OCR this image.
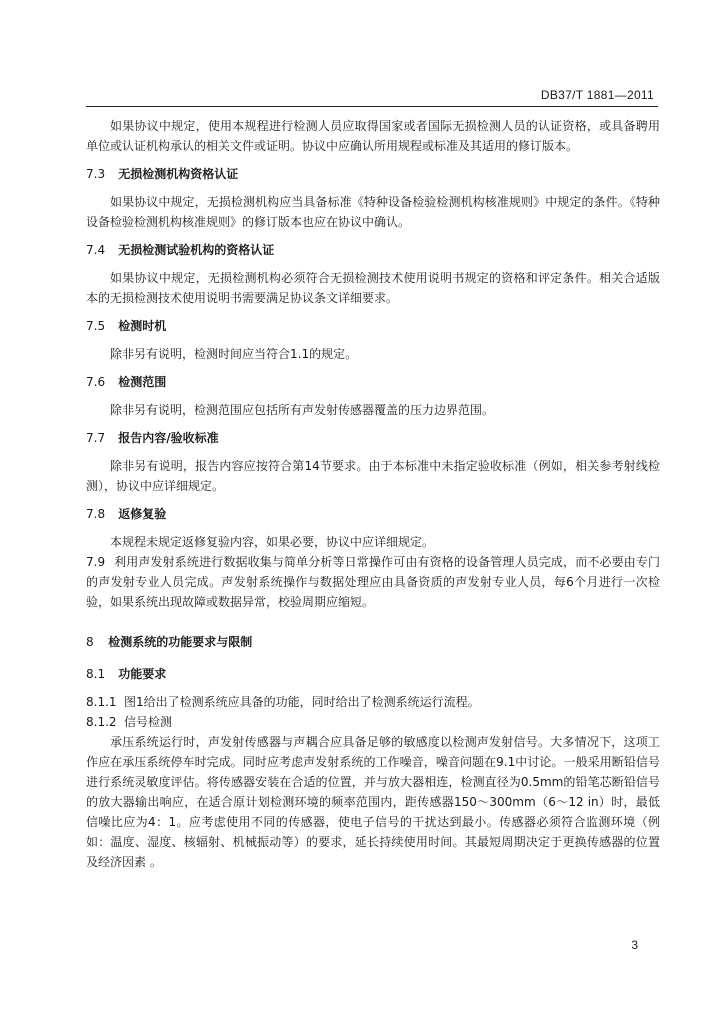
DB37/T 1881—2011

如果协议中规定，使用本规程进行检测人员应取得国家或者国际无损检测人员的认证资格，或具备聘用单位或认证机构承认的相关文件或证明。协议中应确认所用规程或标准及其适用的修订版本。

7.3 无损检测机构资格认证

如果协议中规定，无损检测机构应当具备标准《特种设备检验检测机构核准规则》中规定的条件。《特种设备检验检测机构核准规则》的修订版本也应在协议中确认。

7.4 无损检测试验机构的资格认证

如果协议中规定，无损检测机构必须符合无损检测技术使用说明书规定的资格和评定条件。相关合适版本的无损检测技术使用说明书需要满足协议条文详细要求。

7.5 检测时机

除非另有说明，检测时间应当符合1.1的规定。

7.6 检测范围

除非另有说明，检测范围应包括所有声发射传感器覆盖的压力边界范围。

7.7 报告内容/验收标准

除非另有说明，报告内容应按符合第14节要求。由于本标准中未指定验收标准（例如，相关参考射线检测），协议中应详细规定。

7.8 返修复验

本规程未规定返修复验内容，如果必要，协议中应详细规定。

7.9 利用声发射系统进行数据收集与简单分析等日常操作可由有资格的设备管理人员完成，而不必要由专门的声发射专业人员完成。声发射系统操作与数据处理应由具备资质的声发射专业人员，每6个月进行一次检验，如果系统出现故障或数据异常，校验周期应缩短。

8 检测系统的功能要求与限制

8.1 功能要求

8.1.1 图1给出了检测系统应具备的功能，同时给出了检测系统运行流程。

8.1.2 信号检测

承压系统运行时，声发射传感器与声耦合应具备足够的敏感度以检测声发射信号。大多情况下，这项工作应在承压系统停车时完成。同时应考虑声发射系统的工作噪音，噪音问题在9.1中讨论。一般采用断铅信号进行系统灵敏度评估。将传感器安装在合适的位置，并与放大器相连，检测直径为0.5mm的铅笔芯断铅信号的放大器输出响应，在适合原计划检测环境的频率范围内，距传感器150～300mm（6～12 in）时，最低信噪比应为4：1。应考虑使用不同的传感器，使电子信号的干扰达到最小。传感器必须符合监测环境（例如：温度、湿度、核辐射、机械振动等）的要求，延长持续使用时间。其最短周期决定于更换传感器的位置及经济因素 。

3
